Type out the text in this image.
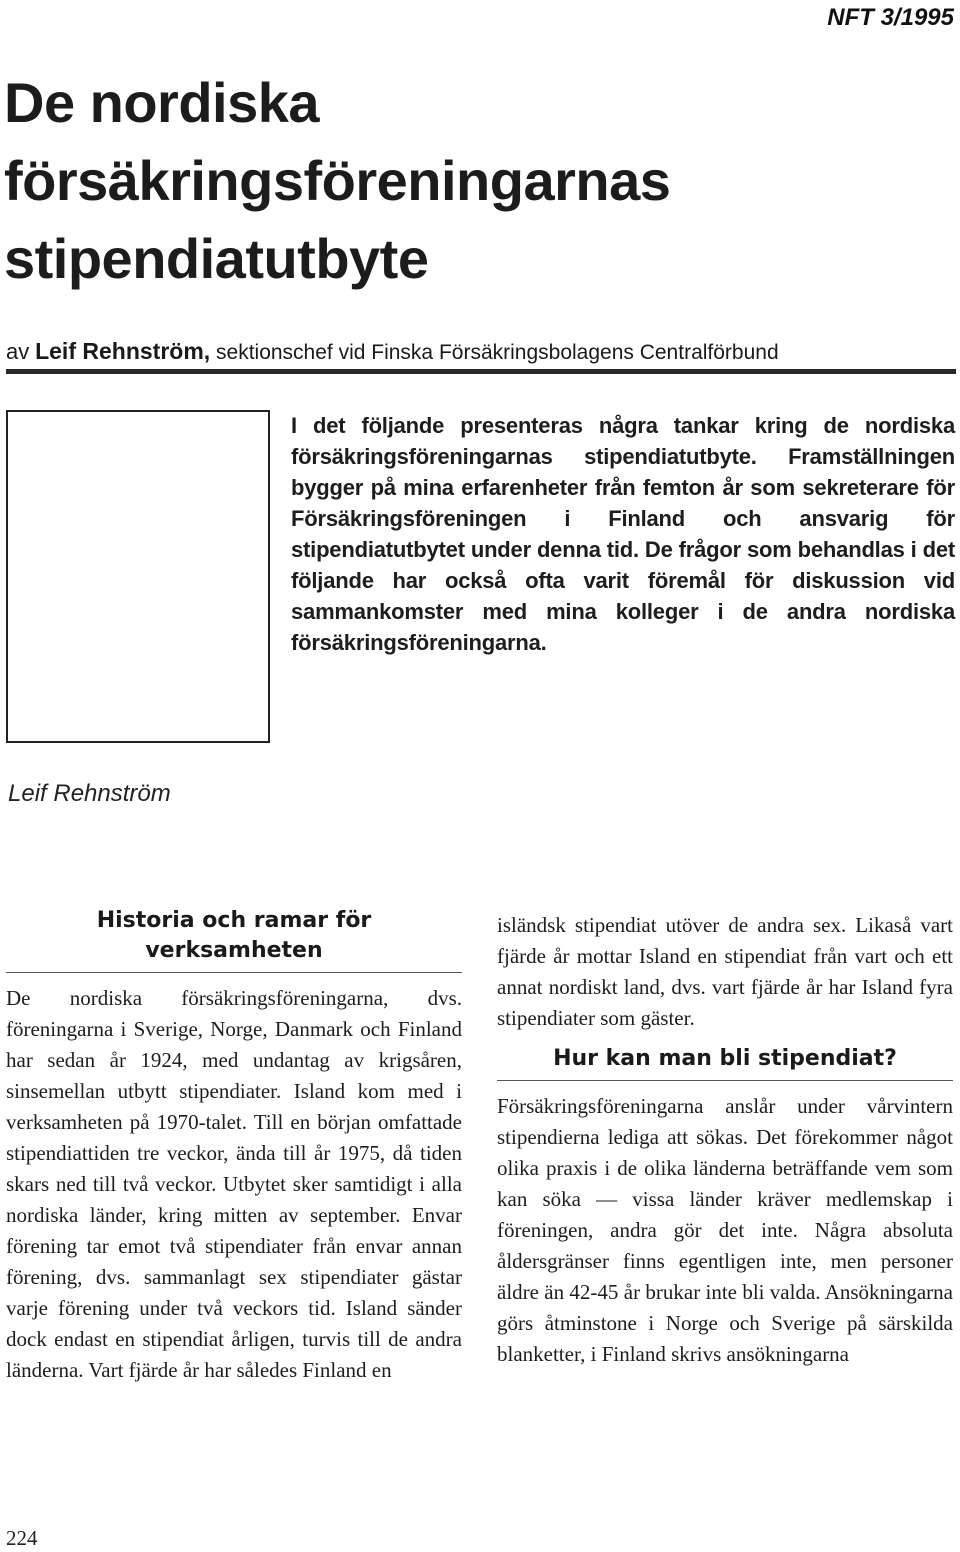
NFT 3/1995
De nordiska
försäkringsföreningarnas
stipendiatutbyte
av Leif Rehnström, sektionschef vid Finska Försäkringsbolagens Centralförbund
Leif Rehnström

I det följande presenteras några tankar kring de nordiska försäkringsföreningarnas stipendiatutbyte. Framställningen bygger på mina erfarenheter från femton år som sekreterare för Försäkringsföreningen i Finland och ansvarig för stipendiatutbytet under denna tid. De frågor som behandlas i det följande har också ofta varit föremål för diskussion vid sammankomster med mina kolleger i de andra nordiska försäkringsföreningarna.

Historia och ramar för verksamheten

De nordiska försäkringsföreningarna, dvs. föreningarna i Sverige, Norge, Danmark och Finland har sedan år 1924, med undantag av krigsåren, sinsemellan utbytt stipendiater. Island kom med i verksamheten på 1970-talet. Till en början omfattade stipendiattiden tre veckor, ända till år 1975, då tiden skars ned till två veckor. Utbytet sker samtidigt i alla nordiska länder, kring mitten av september. Envar förening tar emot två stipendiater från envar annan förening, dvs. sammanlagt sex stipendiater gästar varje förening under två veckors tid. Island sänder dock endast en stipendiat årligen, turvis till de andra länderna. Vart fjärde år har således Finland en

isländsk stipendiat utöver de andra sex. Likaså vart fjärde år mottar Island en stipendiat från vart och ett annat nordiskt land, dvs. vart fjärde år har Island fyra stipendiater som gäster.

Hur kan man bli stipendiat?

Försäkringsföreningarna anslår under vårvintern stipendierna lediga att sökas. Det förekommer något olika praxis i de olika länderna beträffande vem som kan söka — vissa länder kräver medlemskap i föreningen, andra gör det inte. Några absoluta åldersgränser finns egentligen inte, men personer äldre än 42-45 år brukar inte bli valda. Ansökningarna görs åtminstone i Norge och Sverige på särskilda blanketter, i Finland skrivs ansökningarna

224
